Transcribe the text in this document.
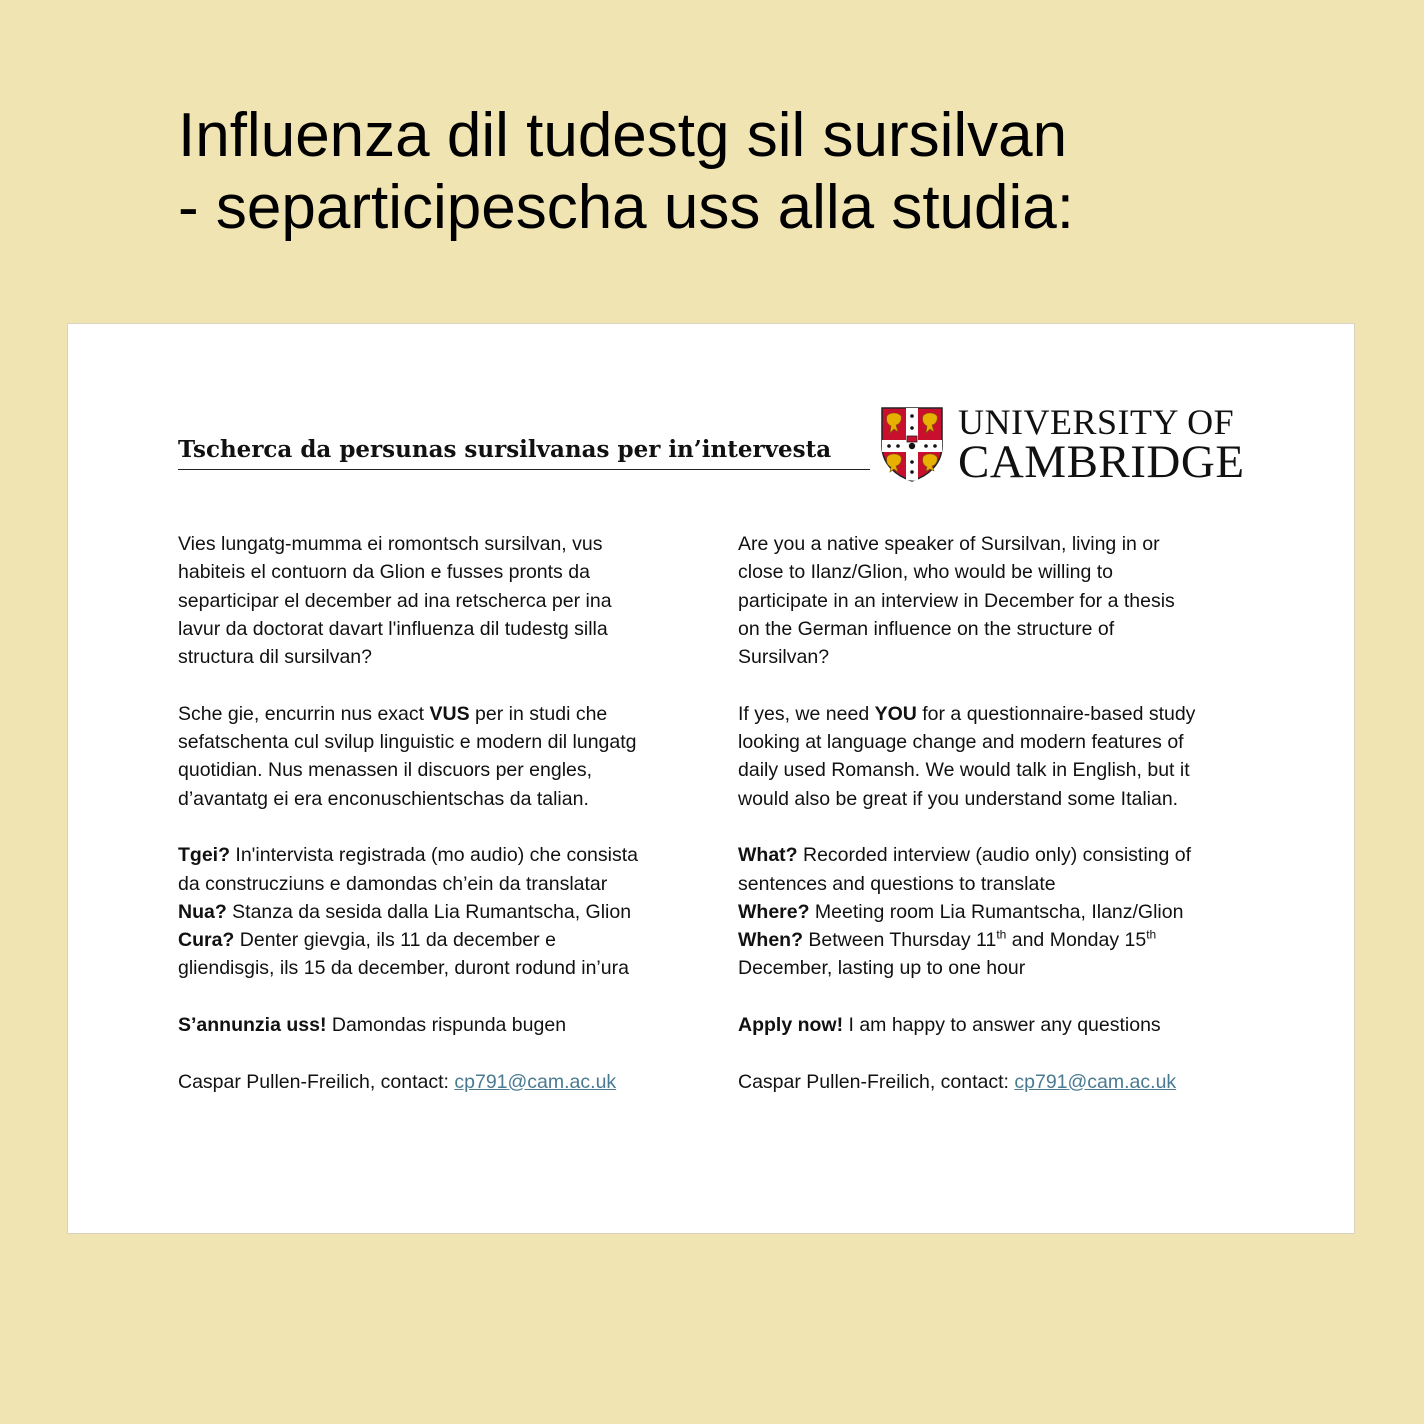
Influenza dil tudestg sil sursilvan
- separticipescha uss alla studia:
Tscherca da persunas sursilvanas per in’intervesta
UNIVERSITY OF
CAMBRIDGE

Vies lungatg-mumma ei romontsch sursilvan, vus
habiteis el contuorn da Glion e fusses pronts da
separticipar el december ad ina retscherca per ina
lavur da doctorat davart l'influenza dil tudestg silla
structura dil sursilvan?

Sche gie, encurrin nus exact VUS per in studi che
sefatschenta cul svilup linguistic e modern dil lungatg
quotidian. Nus menassen il discuors per engles,
d’avantatg ei era enconuschientschas da talian.

Tgei? In'intervista registrada (mo audio) che consista
da construcziuns e damondas ch’ein da translatar
Nua? Stanza da sesida dalla Lia Rumantscha, Glion
Cura? Denter gievgia, ils 11 da december e
gliendisgis, ils 15 da december, duront rodund in’ura

S’annunzia uss! Damondas rispunda bugen

Caspar Pullen-Freilich, contact: cp791@cam.ac.uk

Are you a native speaker of Sursilvan, living in or
close to Ilanz/Glion, who would be willing to
participate in an interview in December for a thesis
on the German influence on the structure of
Sursilvan?

If yes, we need YOU for a questionnaire-based study
looking at language change and modern features of
daily used Romansh. We would talk in English, but it
would also be great if you understand some Italian.

What? Recorded interview (audio only) consisting of
sentences and questions to translate
Where? Meeting room Lia Rumantscha, Ilanz/Glion
When? Between Thursday 11th and Monday 15th
December, lasting up to one hour

Apply now! I am happy to answer any questions

Caspar Pullen-Freilich, contact: cp791@cam.ac.uk
